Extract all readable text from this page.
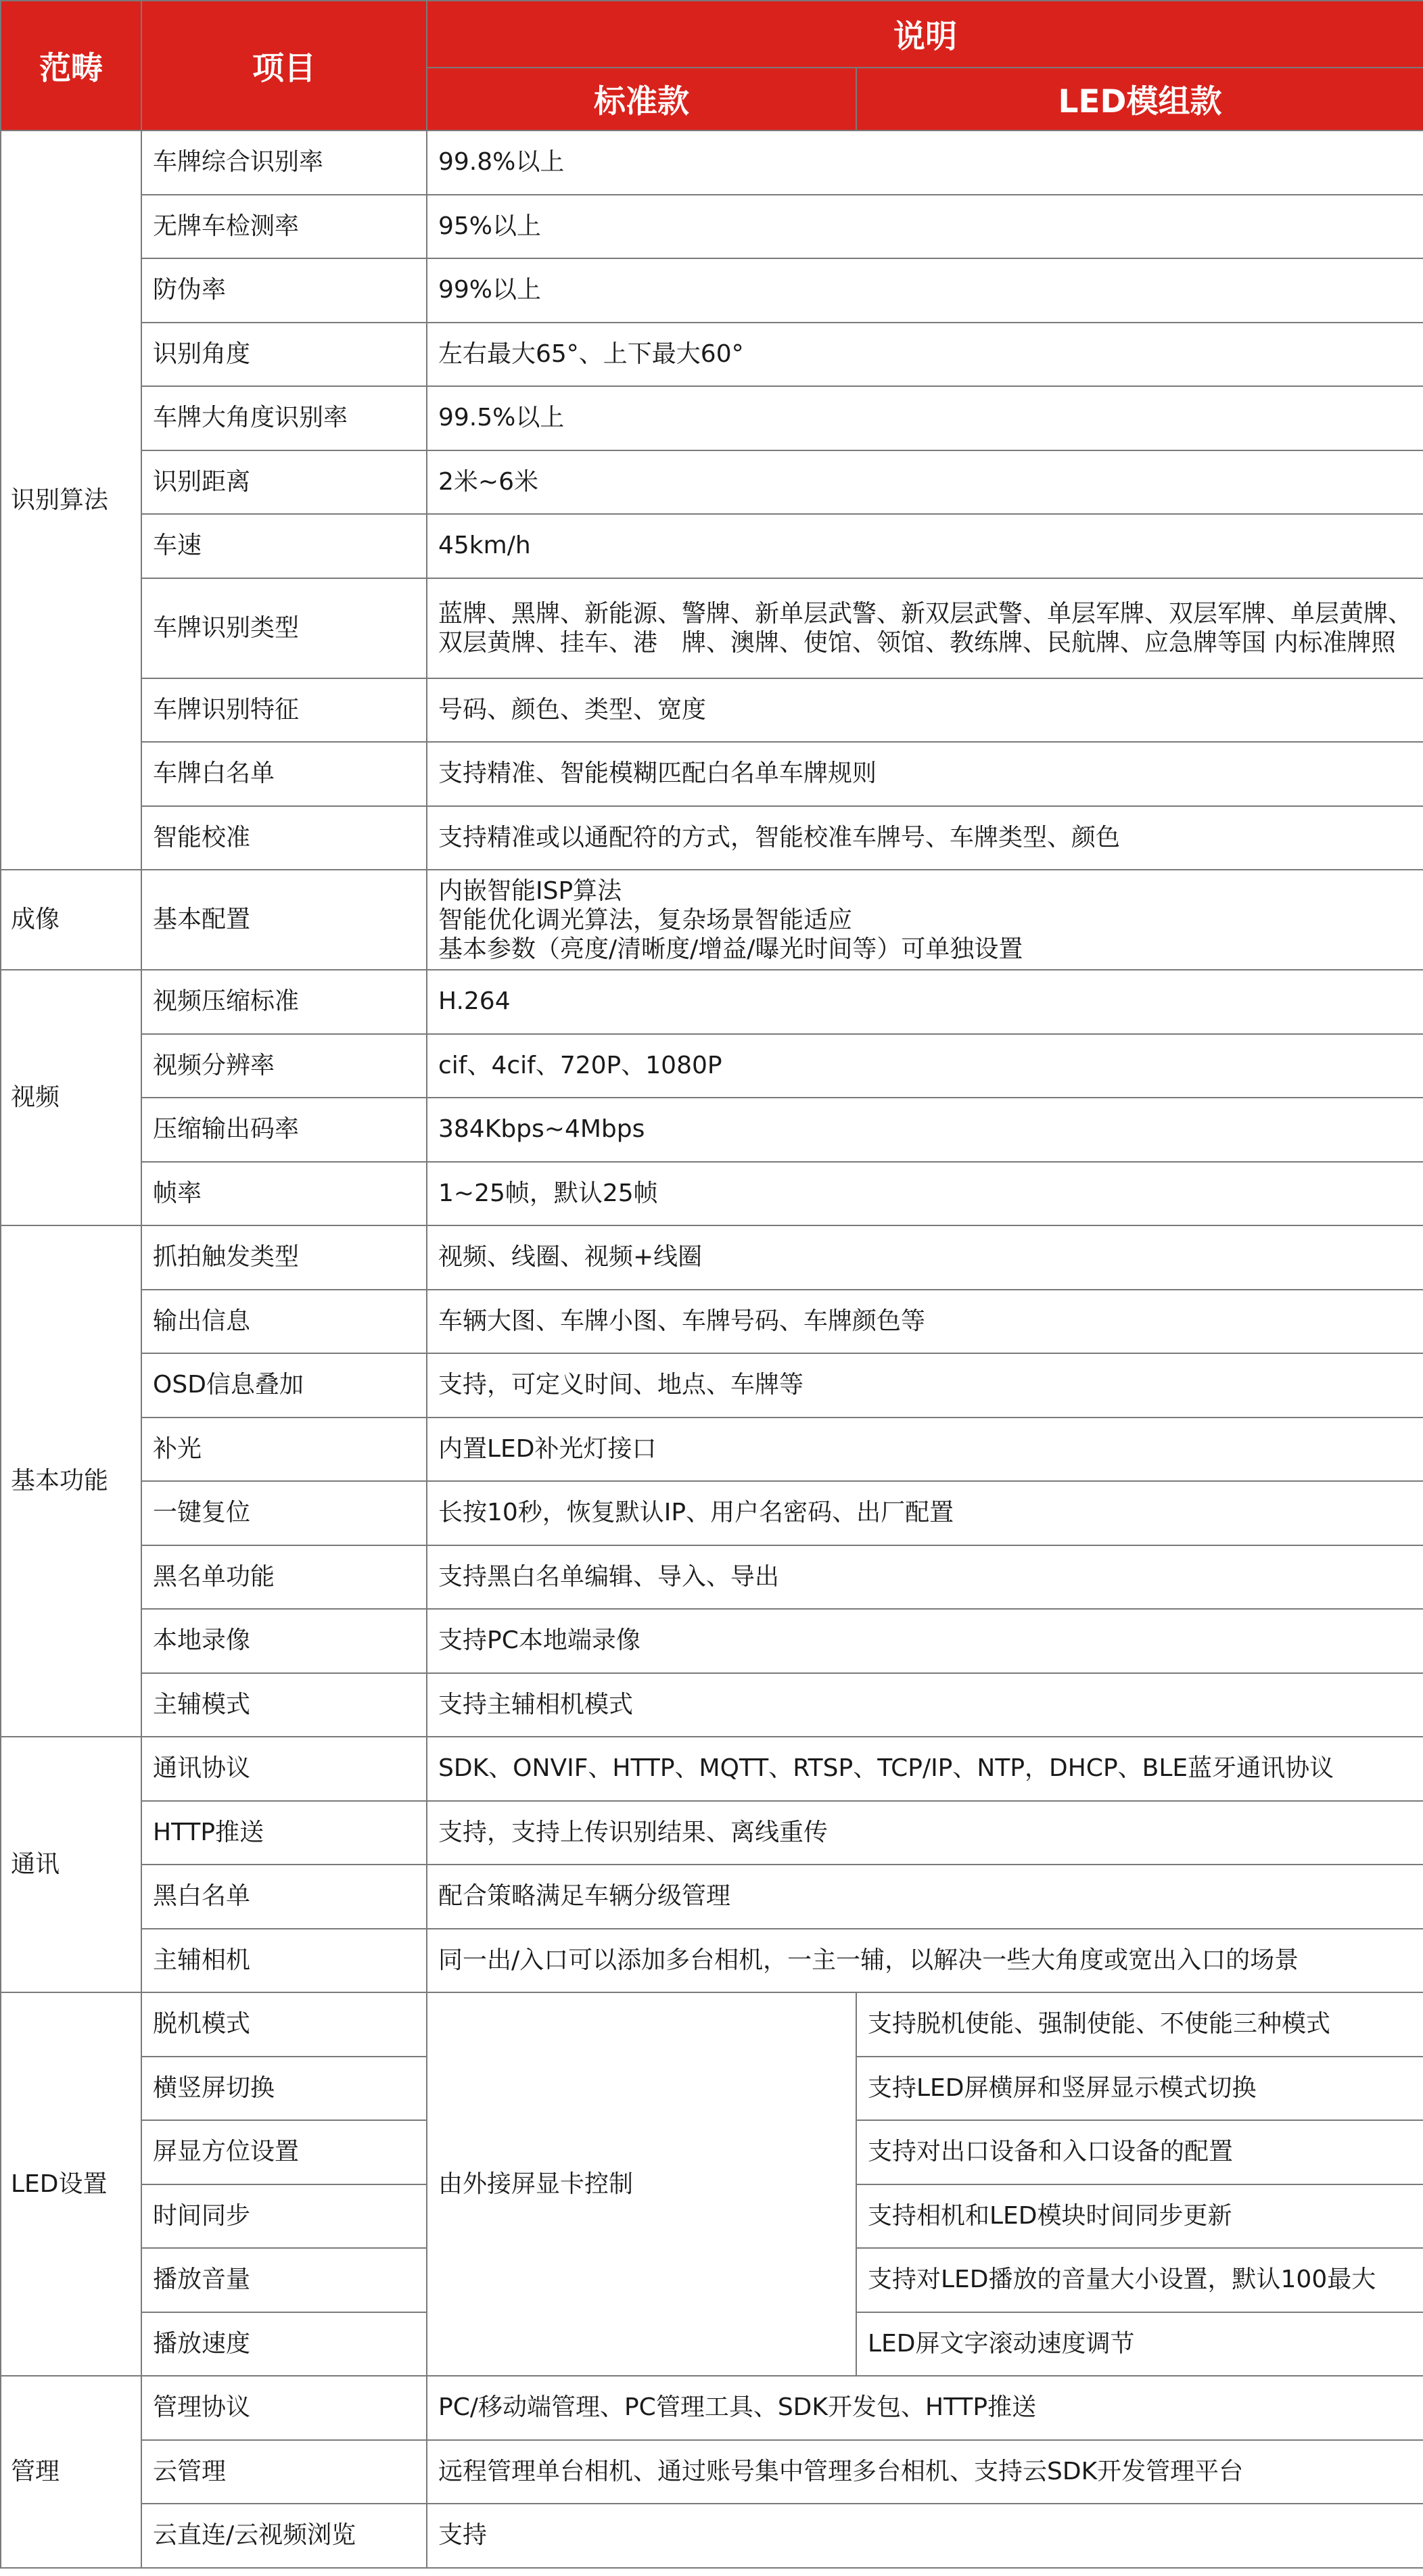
范畴	项目	说明	
		标准款	LED模组款
识别算法	车牌综合识别率	99.8%以上	
	无牌车检测率	95%以上	
	防伪率	99%以上	
	识别角度	左右最大65°、上下最大60°	
	车牌大角度识别率	99.5%以上	
	识别距离	2米~6米	
	车速	45km/h	
	车牌识别类型	蓝牌、黑牌、新能源、警牌、新单层武警、新双层武警、单层军牌、双层军牌、单层黄牌、双层黄牌、挂车、港　牌、澳牌、使馆、领馆、教练牌、民航牌、应急牌等国 内标准牌照	
	车牌识别特征	号码、颜色、类型、宽度	
	车牌白名单	支持精准、智能模糊匹配白名单车牌规则	
	智能校准	支持精准或以通配符的方式，智能校准车牌号、车牌类型、颜色	
成像	基本配置	内嵌智能ISP算法
智能优化调光算法，复杂场景智能适应
基本参数（亮度/清晰度/增益/曝光时间等）可单独设置	

视频	视频压缩标准	H.264	
	视频分辨率	cif、4cif、720P、1080P	
	压缩输出码率	384Kbps~4Mbps	
	帧率	1~25帧，默认25帧	
基本功能	抓拍触发类型	视频、线圈、视频+线圈	
	输出信息	车辆大图、车牌小图、车牌号码、车牌颜色等	
	OSD信息叠加	支持，可定义时间、地点、车牌等	
	补光	内置LED补光灯接口	
	一键复位	长按10秒，恢复默认IP、用户名密码、出厂配置	
	黑名单功能	支持黑白名单编辑、导入、导出	
	本地录像	支持PC本地端录像	
	主辅模式	支持主辅相机模式	
通讯	通讯协议	SDK、ONVIF、HTTP、MQTT、RTSP、TCP/IP、NTP，DHCP、BLE蓝牙通讯协议	
	HTTP推送	支持，支持上传识别结果、离线重传	
	黑白名单	配合策略满足车辆分级管理	
	主辅相机	同一出/入口可以添加多台相机，一主一辅，以解决一些大角度或宽出入口的场景	
LED设置	脱机模式	由外接屏显卡控制	支持脱机使能、强制使能、不使能三种模式
	横竖屏切换		支持LED屏横屏和竖屏显示模式切换
	屏显方位设置		支持对出口设备和入口设备的配置
	时间同步		支持相机和LED模块时间同步更新
	播放音量		支持对LED播放的音量大小设置，默认100最大
	播放速度		LED屏文字滚动速度调节
管理	管理协议	PC/移动端管理、PC管理工具、SDK开发包、HTTP推送	
	云管理	远程管理单台相机、通过账号集中管理多台相机、支持云SDK开发管理平台	
	云直连/云视频浏览	支持	
